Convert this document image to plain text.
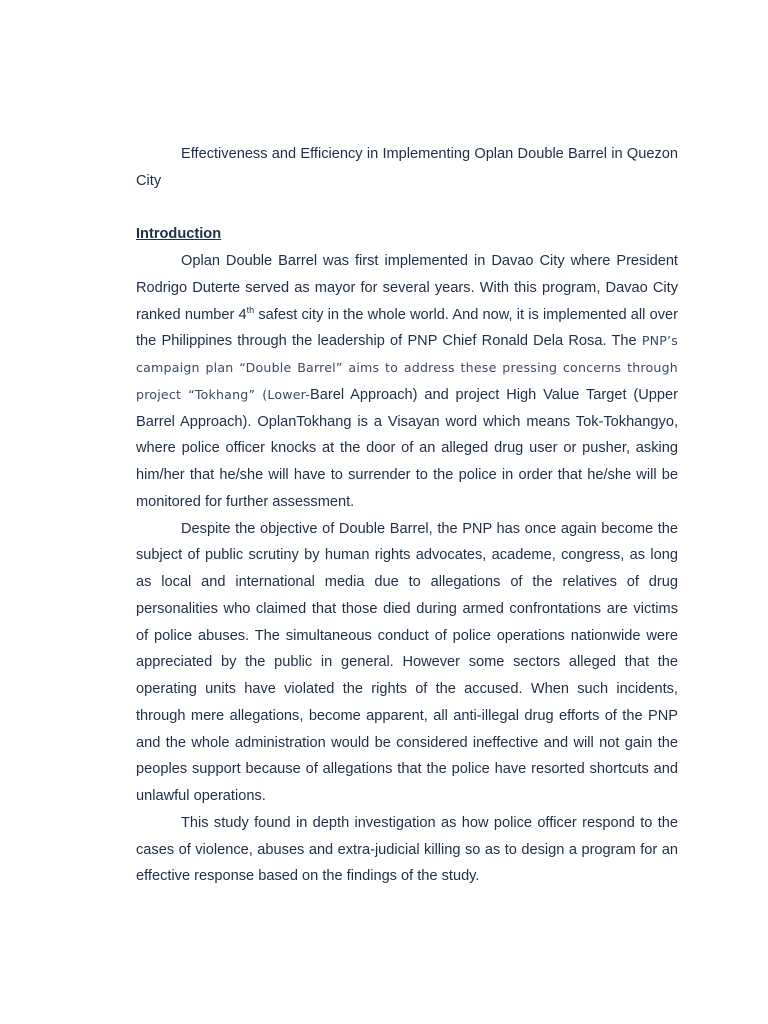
Effectiveness and Efficiency in Implementing Oplan Double Barrel in Quezon City

Introduction

Oplan Double Barrel was first implemented in Davao City where President Rodrigo Duterte served as mayor for several years. With this program, Davao City ranked number 4th safest city in the whole world. And now, it is implemented all over the Philippines through the leadership of PNP Chief Ronald Dela Rosa. The PNP’s campaign plan “Double Barrel” aims to address these pressing concerns through project “Tokhang” (Lower-Barel Approach) and project High Value Target (Upper Barrel Approach). OplanTokhang is a Visayan word which means Tok-Tokhangyo, where police officer knocks at the door of an alleged drug user or pusher, asking him/her that he/she will have to surrender to the police in order that he/she will be monitored for further assessment.

Despite the objective of Double Barrel, the PNP has once again become the subject of public scrutiny by human rights advocates, academe, congress, as long as local and international media due to allegations of the relatives of drug personalities who claimed that those died during armed confrontations are victims of police abuses. The simultaneous conduct of police operations nationwide were appreciated by the public in general. However some sectors alleged that the operating units have violated the rights of the accused. When such incidents, through mere allegations, become apparent, all anti-illegal drug efforts of the PNP and the whole administration would be considered ineffective and will not gain the peoples support because of allegations that the police have resorted shortcuts and unlawful operations.

This study found in depth investigation as how police officer respond to the cases of violence, abuses and extra-judicial killing so as to design a program for an effective response based on the findings of the study.
